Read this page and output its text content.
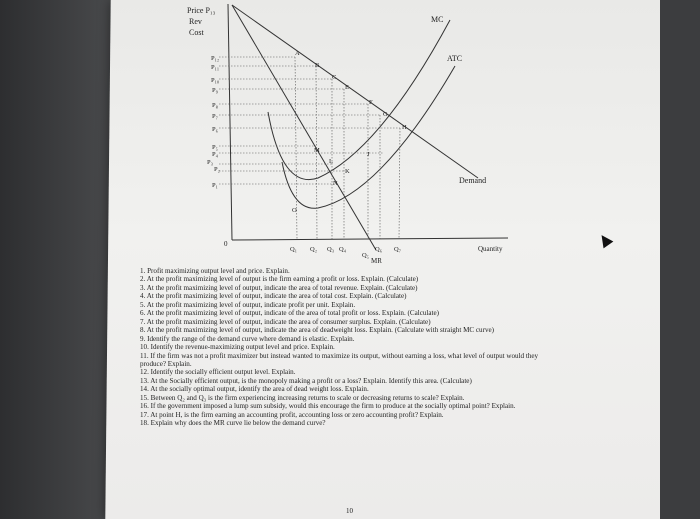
Price P₁₃
Rev
Cost
0
Quantity
Demand
MR
MC
ATC
P₁₂
P₁₁
P₁₀
P₉
P₈
P₇
P₆
P₅
P₄
P₃
P₂
P₁
Q₁ Q₂ Q₃ Q₄
Q₅
Q₆ Q₇
A
B
C
E
F
G
H
M
L
K
N
J
O

1. Profit maximizing output level and price. Explain.

2. At the profit maximizing level of output is the firm earning a profit or loss. Explain. (Calculate)

3. At the profit maximizing level of output, indicate the area of total revenue. Explain. (Calculate)

4. At the profit maximizing level of output, indicate the area of total cost. Explain. (Calculate)

5. At the profit maximizing level of output, indicate profit per unit. Explain.

6. At the profit maximizing level of output, indicate of the area of total profit or loss. Explain. (Calculate)

7. At the profit maximizing level of output, indicate the area of consumer surplus. Explain. (Calculate)

8. At the profit maximizing level of output, indicate the area of deadweight loss. Explain. (Calculate with straight MC curve)

9. Identify the range of the demand curve where demand is elastic. Explain.

10. Identify the revenue-maximizing output level and price. Explain.

11. If the firm was not a profit maximizer but instead wanted to maximize its output, without earning a loss, what level of output would they produce? Explain.

12. Identify the socially efficient output level. Explain.

13. At the Socially efficient output, is the monopoly making a profit or a loss? Explain. Identify this area. (Calculate)

14. At the socially optimal output, identify the area of dead weight loss. Explain.

15. Between Q₂ and Q₃ is the firm experiencing increasing returns to scale or decreasing returns to scale? Explain.

16. If the government imposed a lump sum subsidy, would this encourage the firm to produce at the socially optimal point? Explain.

17. At point H, is the firm earning an accounting profit, accounting loss or zero accounting profit? Explain.

18. Explain why does the MR curve lie below the demand curve?

10
